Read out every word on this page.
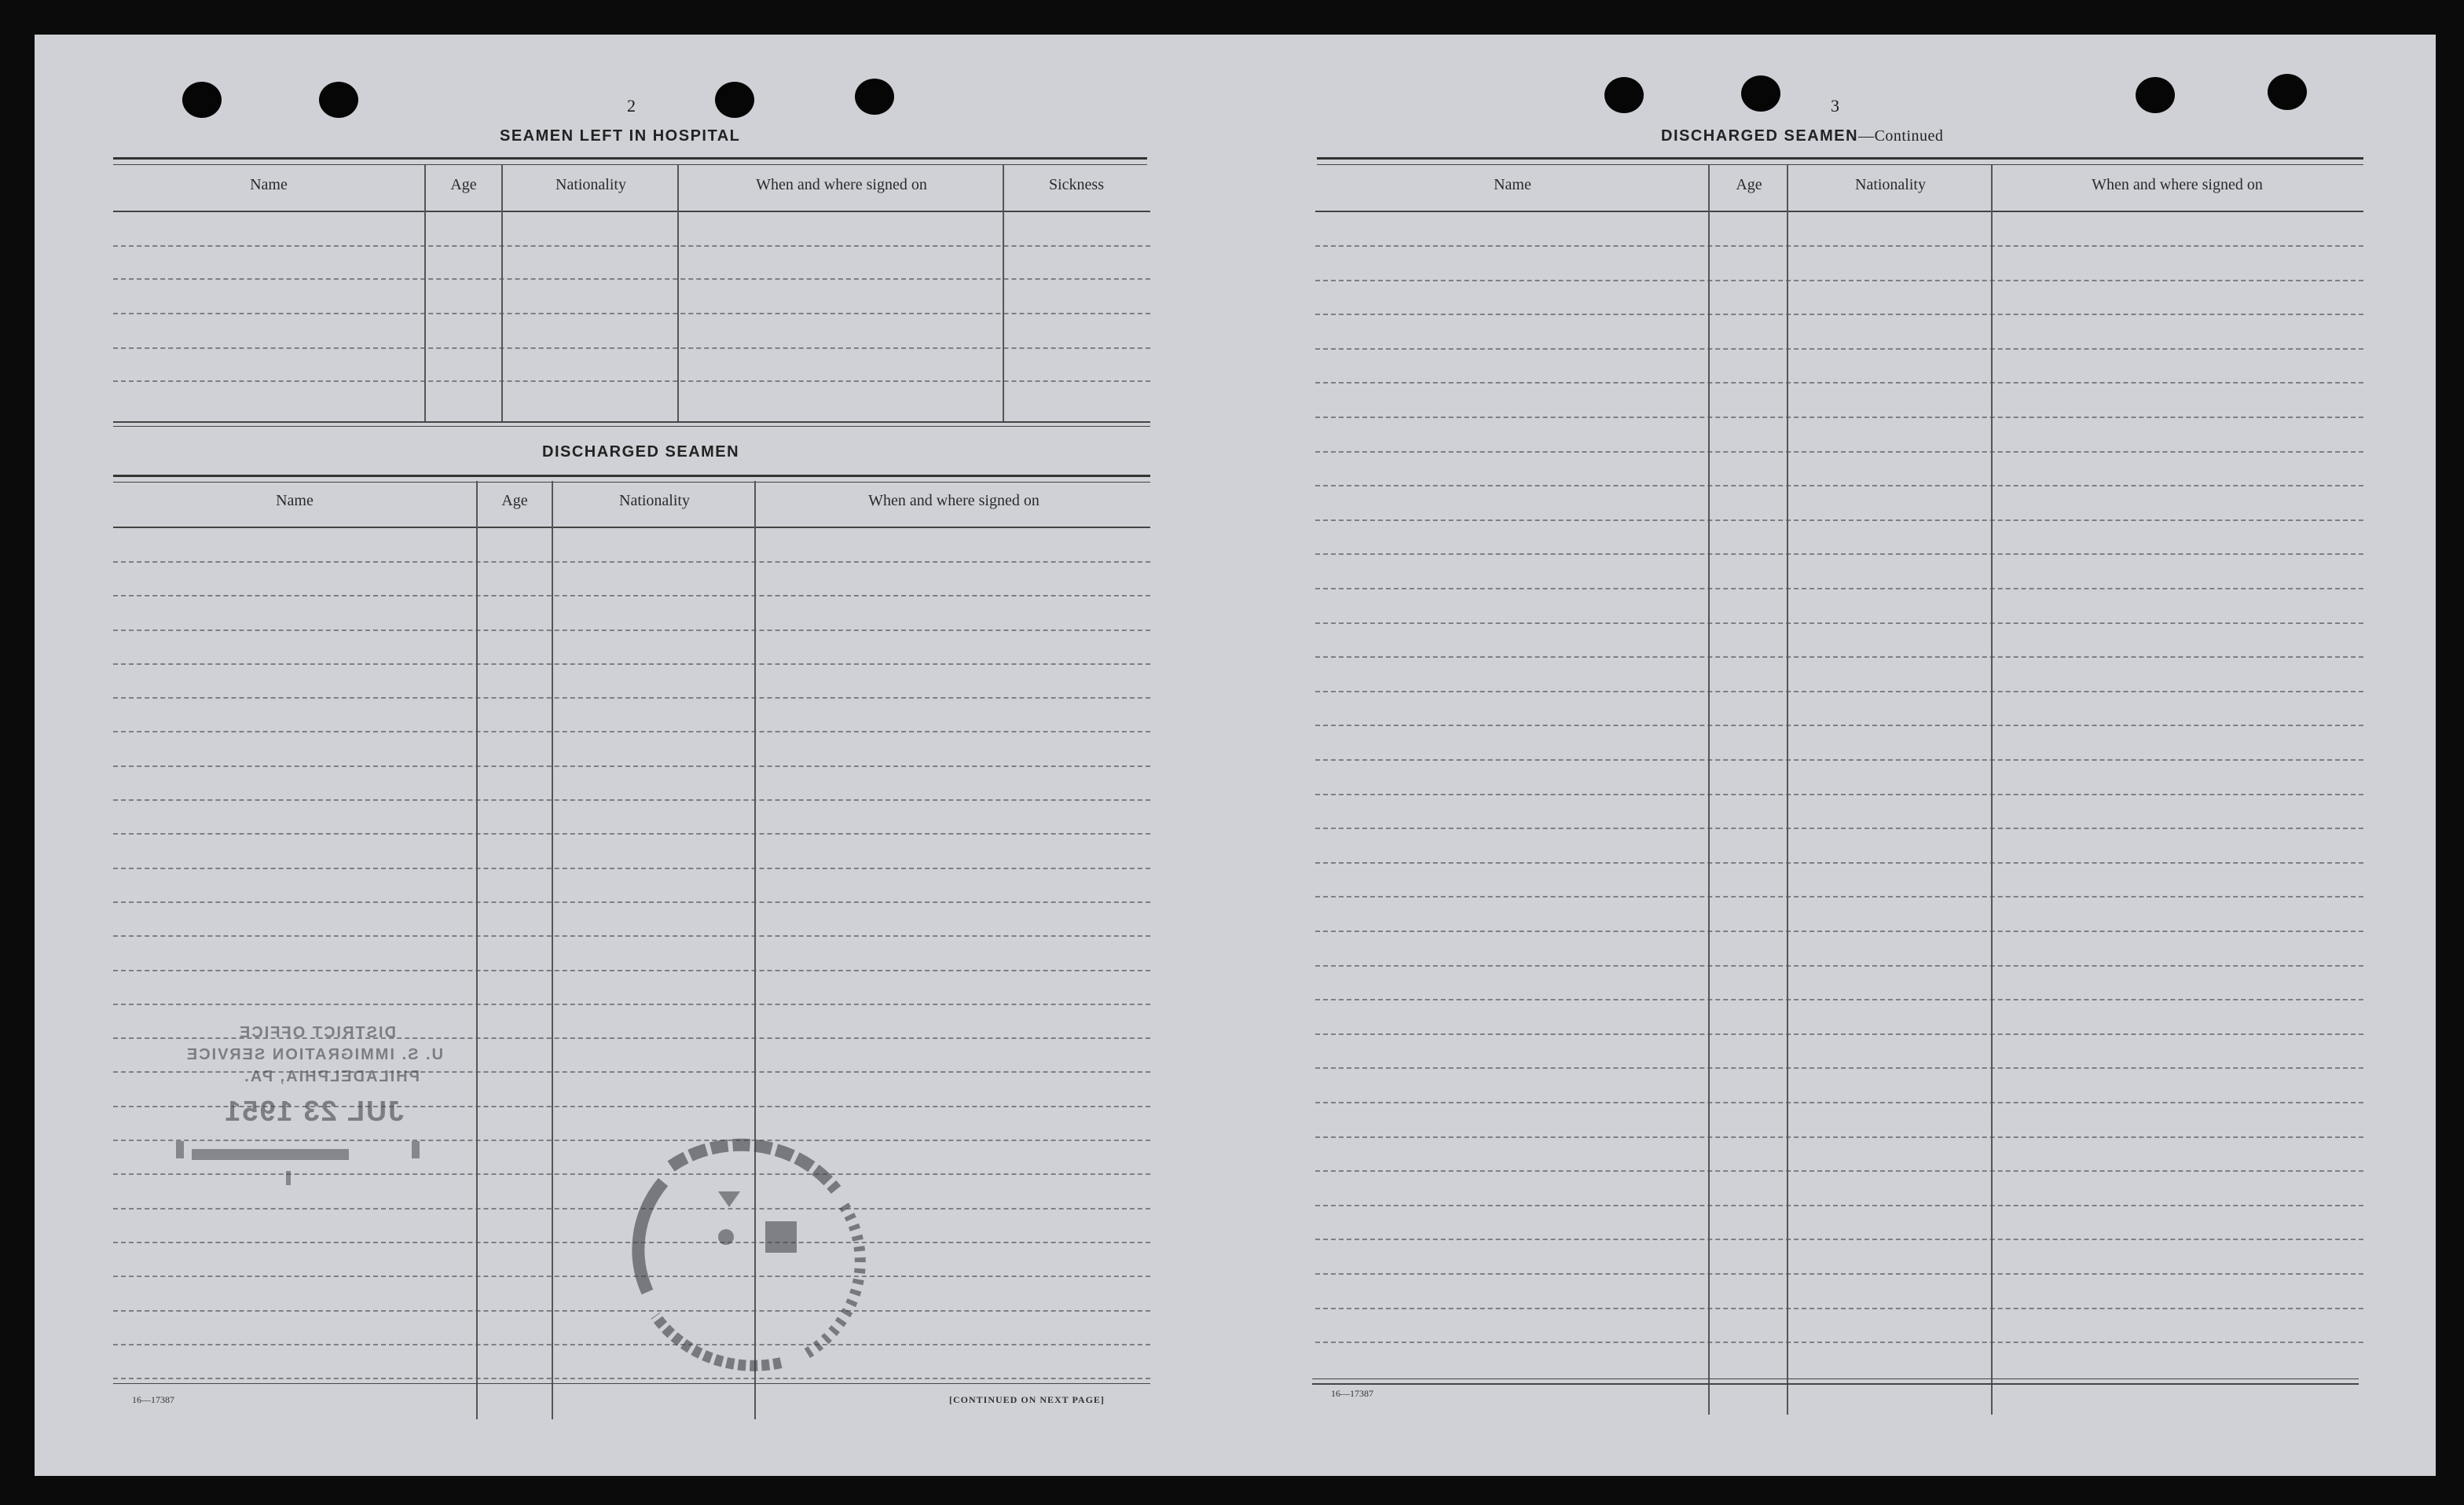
2
SEAMEN LEFT IN HOSPITAL
Name	Age	Nationality	When and where signed on	Sickness
DISCHARGED SEAMEN
Name	Age	Nationality	When and where signed on
16—17387	[CONTINUED ON NEXT PAGE]
DISTRICT OFFICE
U. S. IMMIGRATION SERVICE
PHILADELPHIA, PA.
JUL 23 1951
3
DISCHARGED SEAMEN—Continued
Name	Age	Nationality	When and where signed on
16—17387
